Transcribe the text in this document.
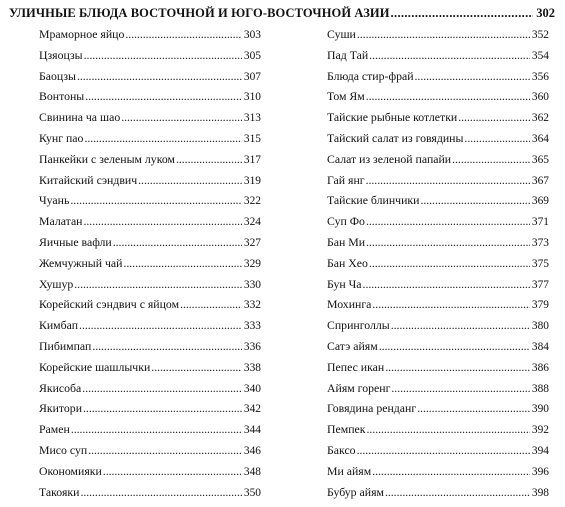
УЛИЧНЫЕ БЛЮДА ВОСТОЧНОЙ И ЮГО-ВОСТОЧНОЙ АЗИИ . . .	302
Мраморное яйцо . . .	303
Цзяоцзы . . .	305
Баоцзы . . .	307
Вонтоны . . .	310
Свинина ча шао . . .	313
Кунг пао . . .	315
Панкейки с зеленым луком . . .	317
Китайский сэндвич . . .	319
Чуань . . .	322
Малатан . . .	324
Яичные вафли . . .	327
Жемчужный чай . . .	329
Хушур . . .	330
Корейский сэндвич с яйцом . . .	332
Кимбап . . .	333
Пибимпап . . .	336
Корейские шашлычки . . .	338
Якисоба . . .	340
Якитори . . .	342
Рамен . . .	344
Мисо суп . . .	346
Окономияки . . .	348
Такояки . . .	350
Суши . . .	352
Пад Тай . . .	354
Блюда стир-фрай . . .	356
Том Ям . . .	360
Тайские рыбные котлетки . . .	362
Тайский салат из говядины . . .	364
Салат из зеленой папайи . . .	365
Гай янг . . .	367
Тайские блинчики . . .	369
Суп Фо . . .	371
Бан Ми . . .	373
Бан Хео . . .	375
Бун Ча . . .	377
Мохинга . . .	379
Спринголлы . . .	380
Сатэ айям . . .	384
Пепес икан . . .	386
Айям горенг . . .	388
Говядина ренданг . . .	390
Пемпек . . .	392
Баксо . . .	394
Ми айям . . .	396
Бубур айям . . .	398
